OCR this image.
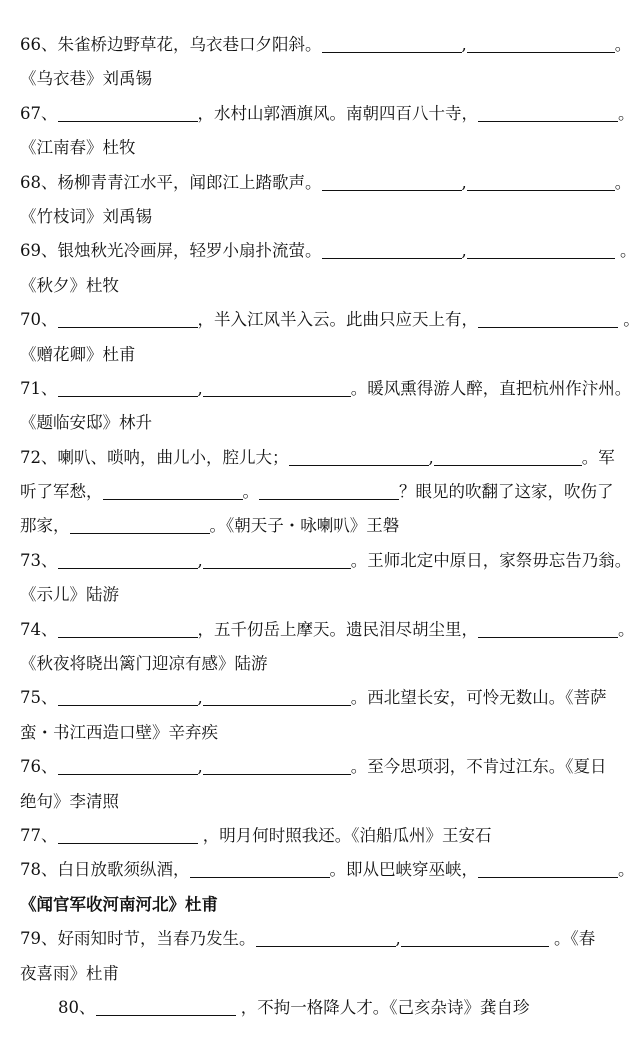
66、朱雀桥边野草花，乌衣巷口夕阳斜。	,	。
《乌衣巷》刘禹锡
67、	，水村山郭酒旗风。南朝四百八十寺，	。
《江南春》杜牧
68、杨柳青青江水平，闻郎江上踏歌声。	,	。
《竹枝词》刘禹锡
69、银烛秋光冷画屏，轻罗小扇扑流萤。	,	。
《秋夕》杜牧
70、	，半入江风半入云。此曲只应天上有，	。
《赠花卿》杜甫
71、	,	。暖风熏得游人醉，直把杭州作汴州。
《题临安邸》林升
72、喇叭、唢呐，曲儿小，腔儿大；	,	。军
听了军愁，	。	？眼见的吹翻了这家，吹伤了
那家，	。《朝天子・咏喇叭》王磐
73、	,	。王师北定中原日，家祭毋忘告乃翁。
《示儿》陆游
74、	，五千仞岳上摩天。遗民泪尽胡尘里，	。
《秋夜将晓出篱门迎凉有感》陆游
75、	,	。西北望长安，可怜无数山。《菩萨
蛮・书江西造口壁》辛弃疾
76、	,	。至今思项羽，不肯过江东。《夏日
绝句》李清照
77、	，明月何时照我还。《泊船瓜州》王安石
78、白日放歌须纵酒，	。即从巴峡穿巫峡，	。
《闻官军收河南河北》杜甫
79、好雨知时节，当春乃发生。	,	。《春
夜喜雨》杜甫
80、	，不拘一格降人才。《己亥杂诗》龚自珍
